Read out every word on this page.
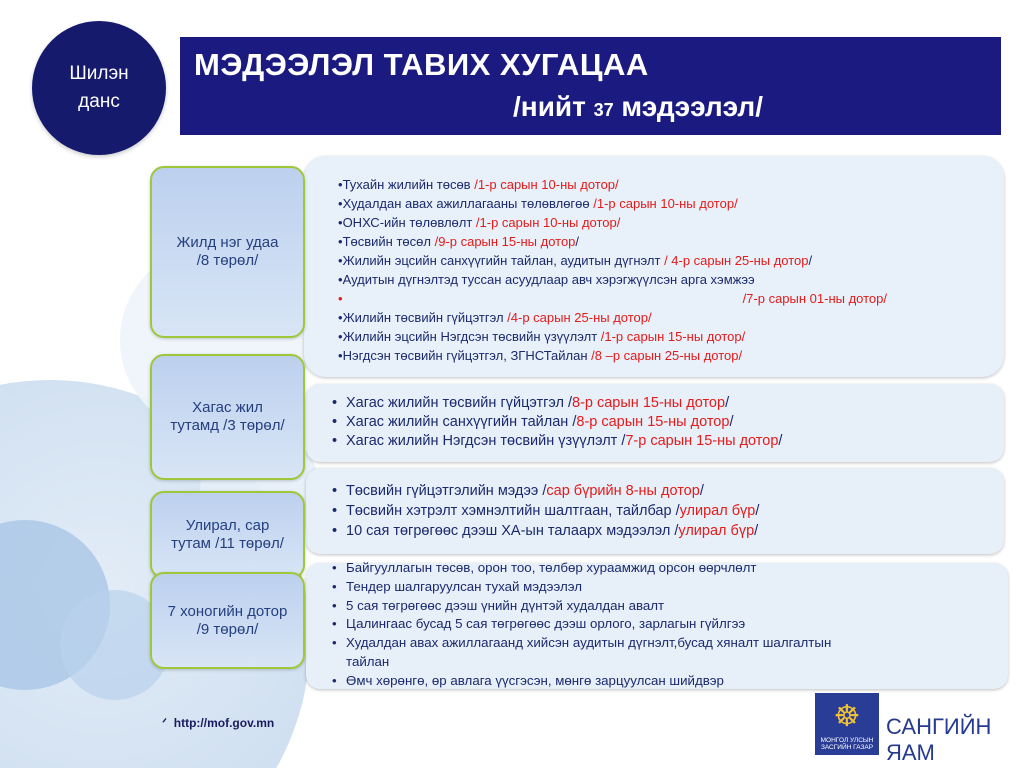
Шилэн
данс
МЭДЭЭЛЭЛ ТАВИХ ХУГАЦАА
/нийт 37 мэдээлэл/
Жилд нэг удаа
/8 төрөл/
Хагас жил
тутамд /3 төрөл/
Улирал, сар
тутам /11 төрөл/
7 хоногийн дотор
/9 төрөл/
• Тухайн жилийн төсөв /1-р сарын 10-ны дотор/
• Худалдан авах ажиллагааны төлөвлөгөө /1-р сарын 10-ны дотор/
• ОНХС-ийн төлөвлөлт /1-р сарын 10-ны дотор/
• Төсвийн төсөл /9-р сарын 15-ны дотор/
• Жилийн эцсийн санхүүгийн тайлан, аудитын дүгнэлт / 4-р сарын 25-ны дотор/
• Аудитын дүгнэлтэд туссан асуудлаар авч хэрэгжүүлсэн арга хэмжээ
•	/7-р сарын 01-ны дотор/
• Жилийн төсвийн гүйцэтгэл /4-р сарын 25-ны дотор/
• Жилийн эцсийн Нэгдсэн төсвийн үзүүлэлт /1-р сарын 15-ны дотор/
• Нэгдсэн төсвийн гүйцэтгэл, ЗГНСТайлан /8 –р сарын 25-ны дотор/
• Хагас жилийн төсвийн гүйцэтгэл /8-р сарын 15-ны дотор/
• Хагас жилийн санхүүгийн тайлан /8-р сарын 15-ны дотор/
• Хагас жилийн Нэгдсэн төсвийн үзүүлэлт /7-р сарын 15-ны дотор/
• Төсвийн гүйцэтгэлийн мэдээ /сар бүрийн 8-ны дотор/
• Төсвийн хэтрэлт хэмнэлтийн шалтгаан, тайлбар /улирал бүр/
• 10 сая төгрөгөөс дээш ХА-ын талаарх мэдээлэл /улирал бүр/
• Байгууллагын төсөв, орон тоо, төлбөр хураамжид орсон өөрчлөлт
• Тендер шалгаруулсан тухай мэдээлэл
• 5 сая төгрөгөөс дээш үнийн дүнтэй худалдан авалт
• Цалингаас бусад 5 сая төгрөгөөс дээш орлого, зарлагын гүйлгээ
• Худалдан авах ажиллагаанд хийсэн аудитын дүгнэлт,бусад хяналт шалгалтын
тайлан
• Өмч хөрөнгө, өр авлага үүсгэсэн, мөнгө зарцуулсан шийдвэр
ᐟ http://mof.gov.mn	☸
МОНГОЛ УЛСЫН
ЗАСГИЙН ГАЗАР
САНГИЙН ЯАМ
